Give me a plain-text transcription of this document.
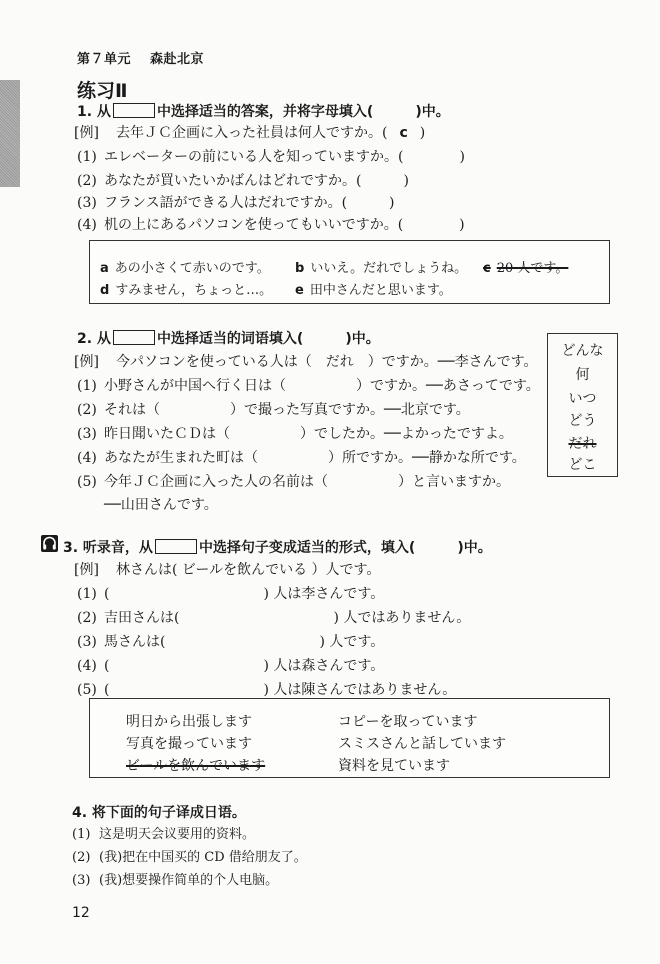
第７单元 森赴北京
练习Ⅱ
1. 从	中选择适当的答案，并将字母填入(　　　)中。
[例] 去年ＪＣ企画に入った社員は何人ですか。( c )
(1) エレベーターの前にいる人を知っていますか。(　　　　)
(2) あなたが買いたいかばんはどれですか。(　　　)
(3) フランス語ができる人はだれですか。(　　　)
(4) 机の上にあるパソコンを使ってもいいですか。(　　　　)
a あの小さくて赤いのです。 b いいえ。だれでしょうね。 c 20 人です。
d すみません，ちょっと…。 e 田中さんだと思います。
2. 从	中选择适当的词语填入(　　　)中。
[例] 今パソコンを使っている人は（　だれ　）ですか。──李さんです。
(1) 小野さんが中国へ行く日は（　　　　　）ですか。──あさってです。
(2) それは（　　　　　）で撮った写真ですか。──北京です。
(3) 昨日聞いたＣＤは（　　　　　）でしたか。──よかったですよ。
(4) あなたが生まれた町は（　　　　　）所ですか。──静かな所です。
(5) 今年ＪＣ企画に入った人の名前は（　　　　　）と言いますか。
──山田さんです。
どんな
何
いつ
どう
だれ
どこ
3. 听录音，从	中选择句子变成适当的形式，填入(　　　)中。
[例] 林さんは( ビールを飲んでいる ）人です。
(1) (　　　　　　　　　　　) 人は李さんです。
(2) 吉田さんは(　　　　　　　　　　　) 人ではありません。
(3) 馬さんは(　　　　　　　　　　　) 人です。
(4) (　　　　　　　　　　　) 人は森さんです。
(5) (　　　　　　　　　　　) 人は陳さんではありません。
明日から出張します	コピーを取っています
写真を撮っています	スミスさんと話しています
ビールを飲んでいます	資料を見ています
4. 将下面的句子译成日语。
(1) 这是明天会议要用的资料。
(2) (我)把在中国买的 CD 借给朋友了。
(3) (我)想要操作简单的个人电脑。
12
